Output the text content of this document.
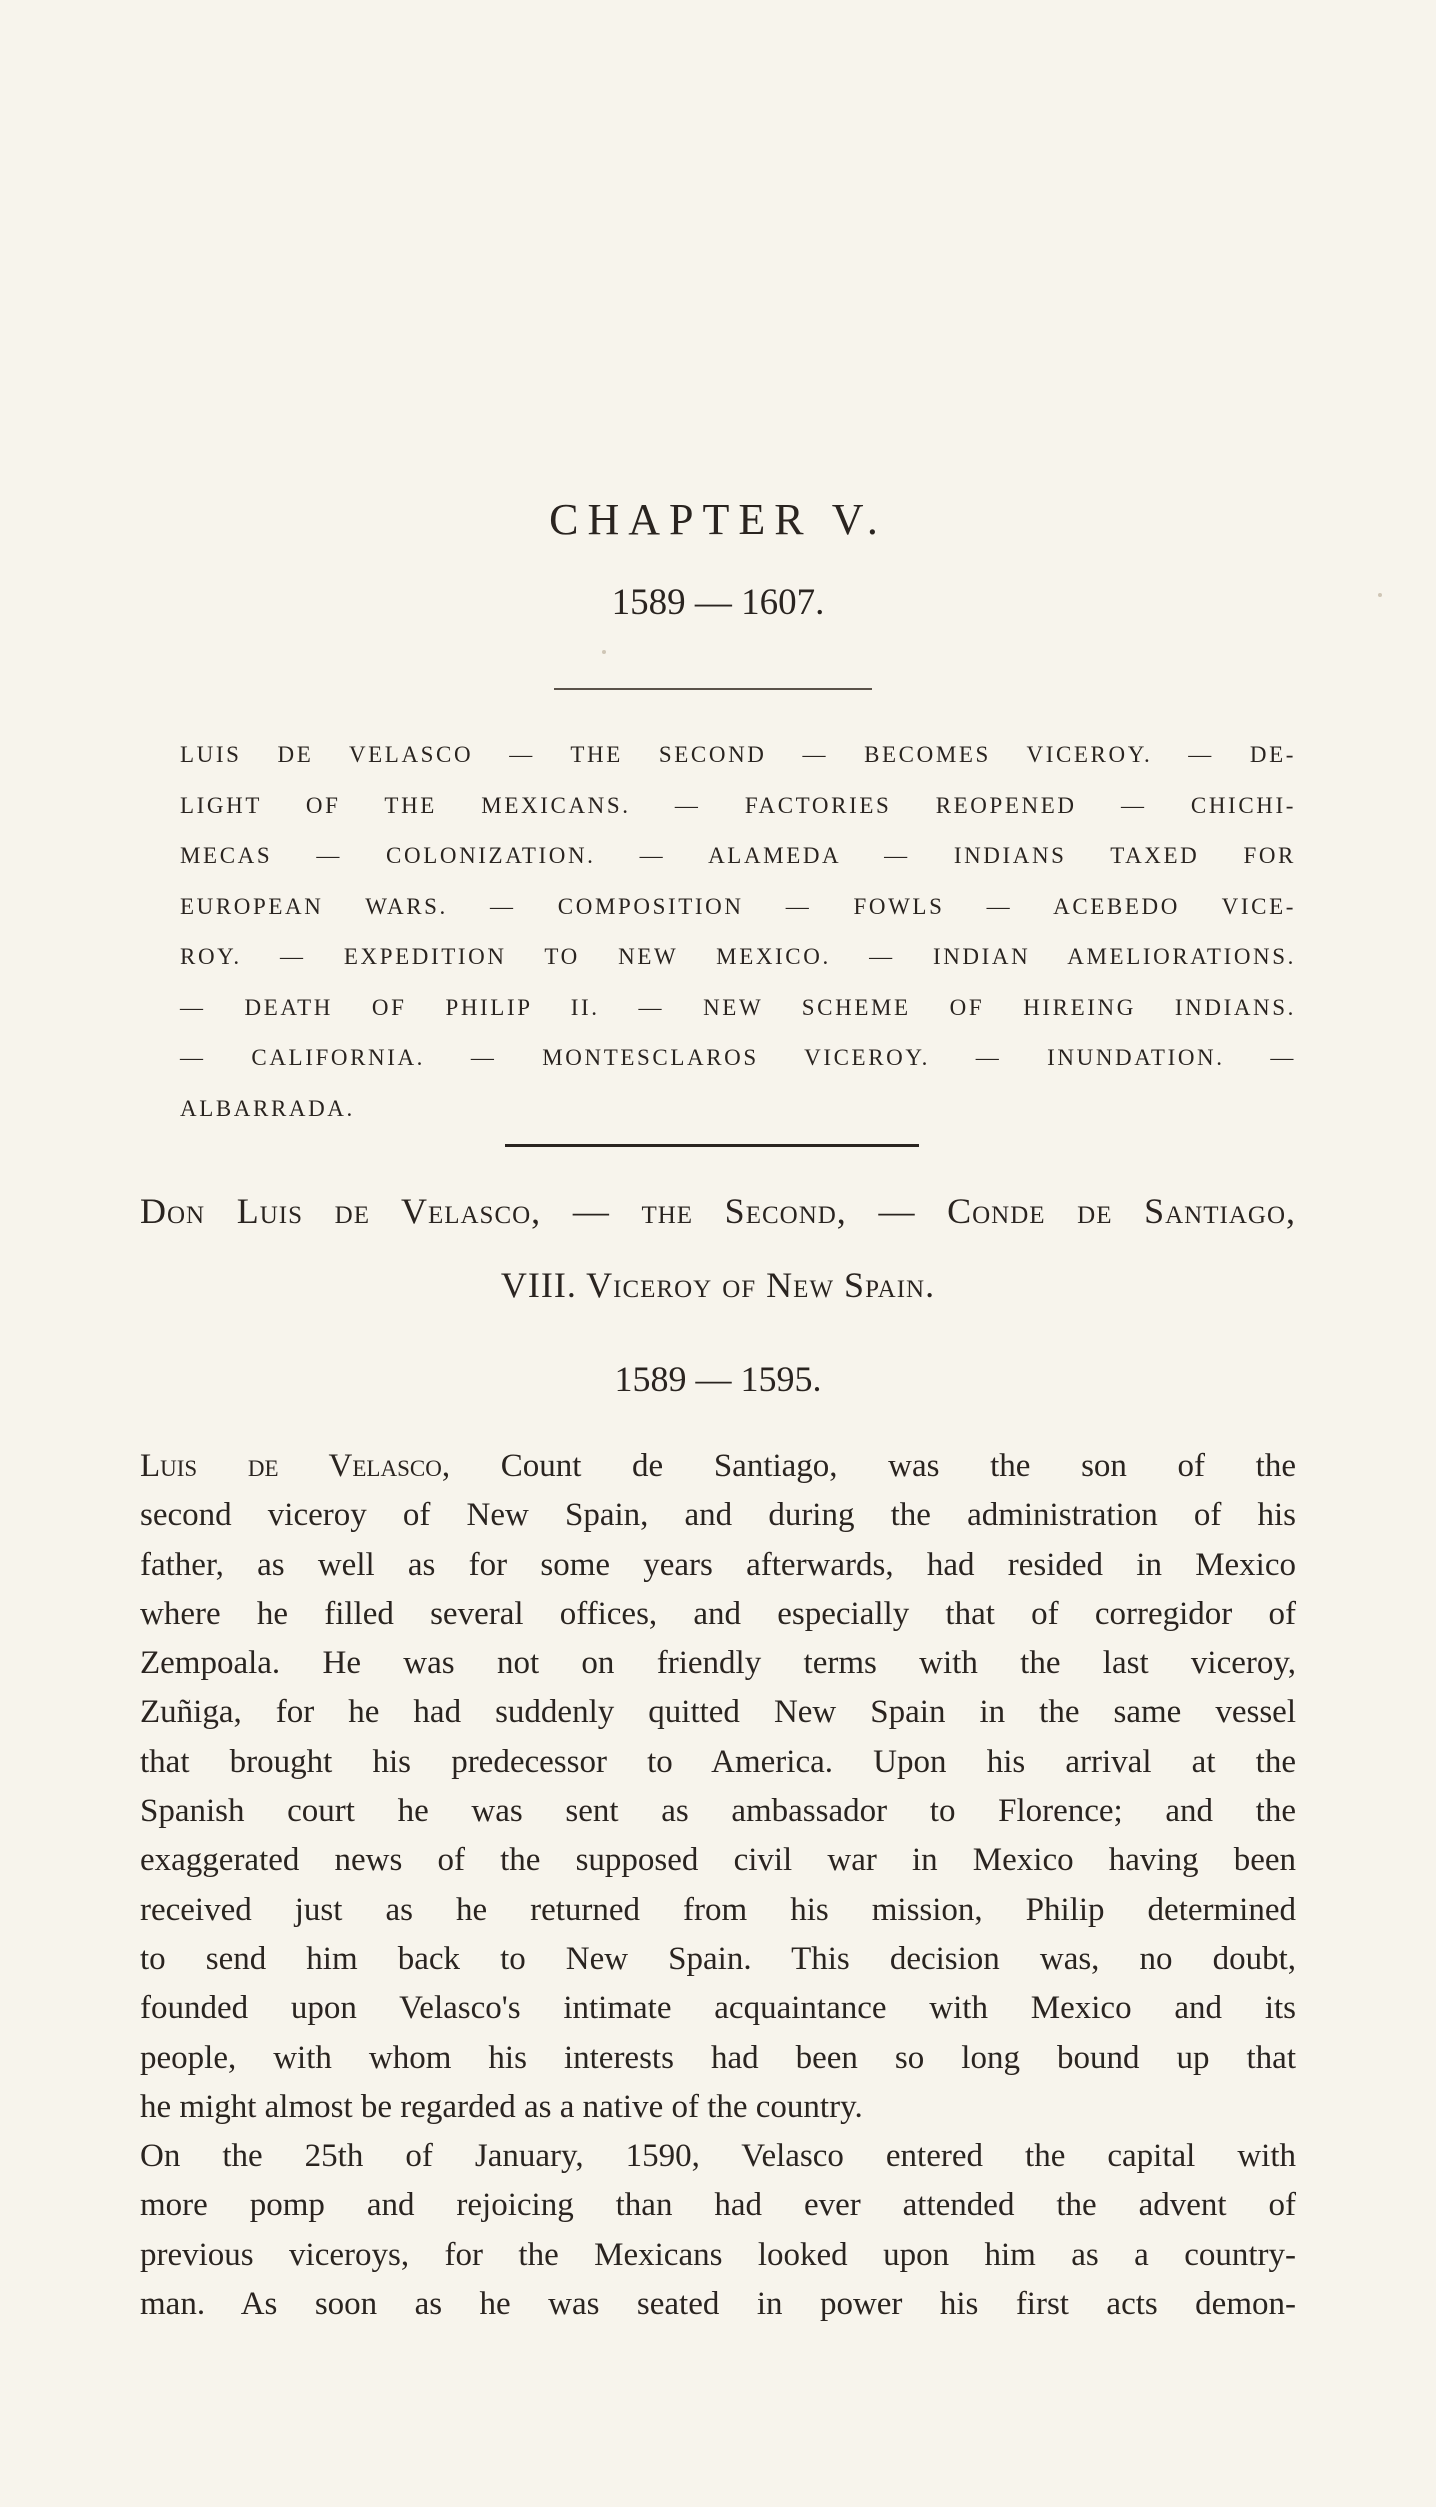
CHAPTER V.
1589 — 1607.
LUIS DE VELASCO — THE SECOND — BECOMES VICEROY. — DE-
LIGHT OF THE MEXICANS. — FACTORIES REOPENED — CHICHI-
MECAS — COLONIZATION. — ALAMEDA — INDIANS TAXED FOR
EUROPEAN WARS. — COMPOSITION — FOWLS — ACEBEDO VICE-
ROY. — EXPEDITION TO NEW MEXICO. — INDIAN AMELIORATIONS.
— DEATH OF PHILIP II. — NEW SCHEME OF HIREING INDIANS.
— CALIFORNIA. — MONTESCLAROS VICEROY. — INUNDATION. —
ALBARRADA.
Don Luis de Velasco, — the Second, — Conde de Santiago,
VIII. Viceroy of New Spain.
1589 — 1595.
Luis de Velasco, Count de Santiago, was the son of the
second viceroy of New Spain, and during the administration of his
father, as well as for some years afterwards, had resided in Mexico
where he filled several offices, and especially that of corregidor of
Zempoala. He was not on friendly terms with the last viceroy,
Zuñiga, for he had suddenly quitted New Spain in the same vessel
that brought his predecessor to America. Upon his arrival at the
Spanish court he was sent as ambassador to Florence; and the
exaggerated news of the supposed civil war in Mexico having been
received just as he returned from his mission, Philip determined
to send him back to New Spain. This decision was, no doubt,
founded upon Velasco's intimate acquaintance with Mexico and its
people, with whom his interests had been so long bound up that
he might almost be regarded as a native of the country.
On the 25th of January, 1590, Velasco entered the capital with
more pomp and rejoicing than had ever attended the advent of
previous viceroys, for the Mexicans looked upon him as a country-
man. As soon as he was seated in power his first acts demon-
